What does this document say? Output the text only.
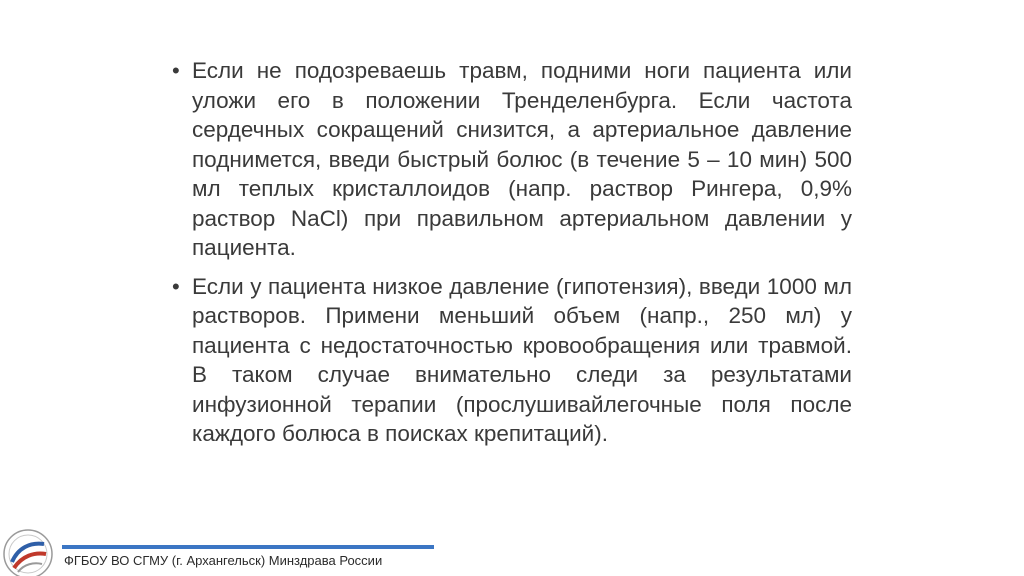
• Если не подозреваешь травм, подними ноги пациента или уложи его в положении Тренделенбурга. Если частота сердечных сокращений снизится, а артериальное давление поднимется, введи быстрый болюс (в течение 5 – 10 мин) 500 мл теплых кристаллоидов (напр. раствор Рингера, 0,9% раствор NaCl) при правильном артериальном давлении у пациента.
• Если у пациента низкое давление (гипотензия), введи 1000 мл растворов. Примени меньший объем (напр., 250 мл) у пациента с недостаточностью кровообращения или травмой. В таком случае внимательно следи за результатами инфузионной терапии (прослушивайлегочные поля после каждого болюса в поисках крепитаций).
ФГБОУ ВО СГМУ (г. Архангельск) Минздрава России
